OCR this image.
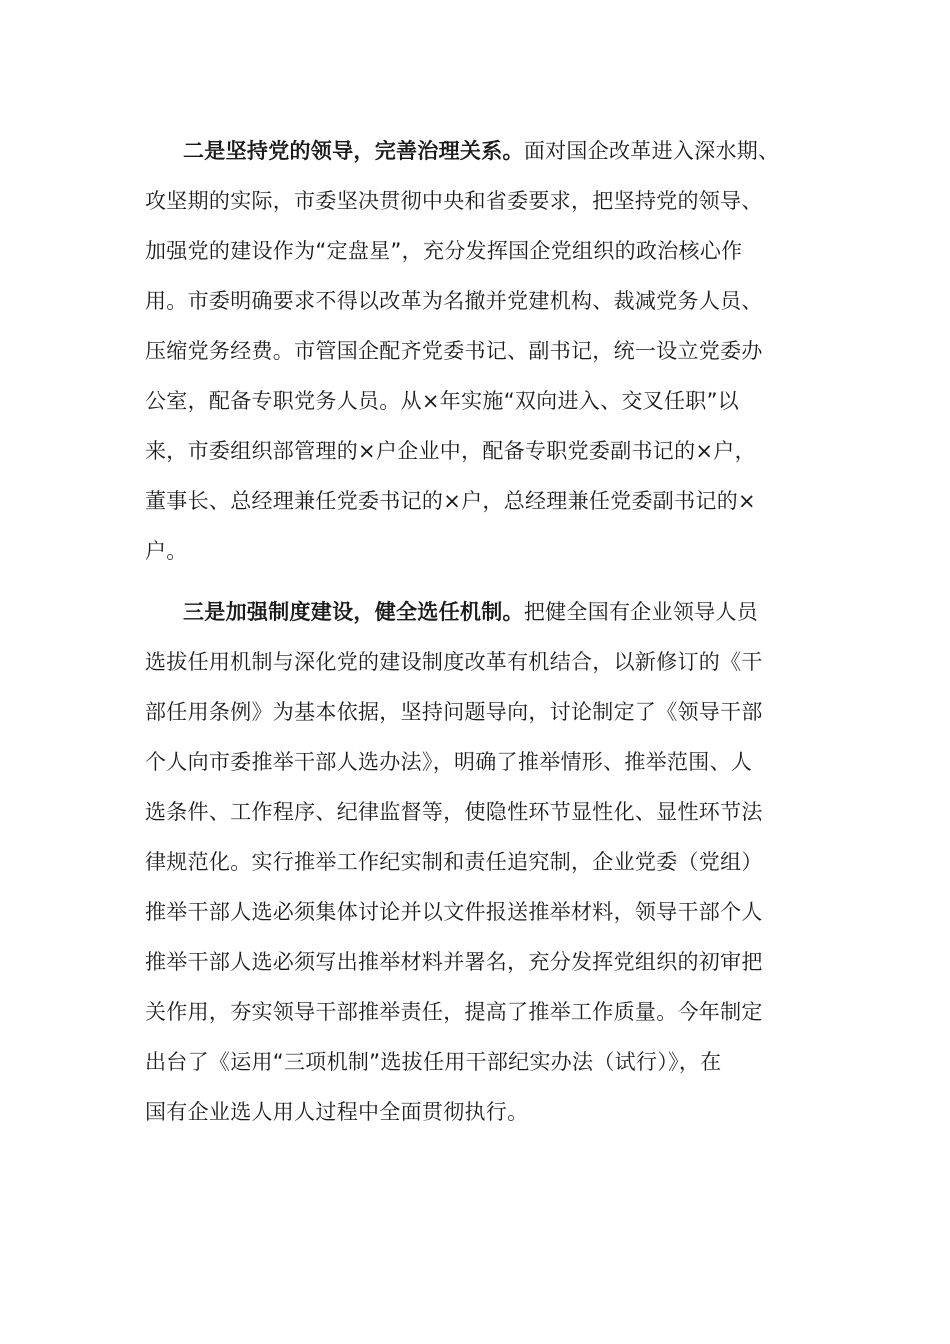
二是坚持党的领导，完善治理关系。面对国企改革进入深水期、
攻坚期的实际，市委坚决贯彻中央和省委要求，把坚持党的领导、
加强党的建设作为“定盘星”，充分发挥国企党组织的政治核心作
用。市委明确要求不得以改革为名撤并党建机构、裁减党务人员、
压缩党务经费。市管国企配齐党委书记、副书记，统一设立党委办
公室，配备专职党务人员。从×年实施“双向进入、交叉任职”以
来，市委组织部管理的×户企业中，配备专职党委副书记的×户，
董事长、总经理兼任党委书记的×户，总经理兼任党委副书记的×
户。
三是加强制度建设，健全选任机制。把健全国有企业领导人员
选拔任用机制与深化党的建设制度改革有机结合，以新修订的《干
部任用条例》为基本依据，坚持问题导向，讨论制定了《领导干部
个人向市委推举干部人选办法》，明确了推举情形、推举范围、人
选条件、工作程序、纪律监督等，使隐性环节显性化、显性环节法
律规范化。实行推举工作纪实制和责任追究制，企业党委（党组）
推举干部人选必须集体讨论并以文件报送推举材料，领导干部个人
推举干部人选必须写出推举材料并署名，充分发挥党组织的初审把
关作用，夯实领导干部推举责任，提高了推举工作质量。今年制定
出台了《运用“三项机制”选拔任用干部纪实办法（试行）》，在
国有企业选人用人过程中全面贯彻执行。
